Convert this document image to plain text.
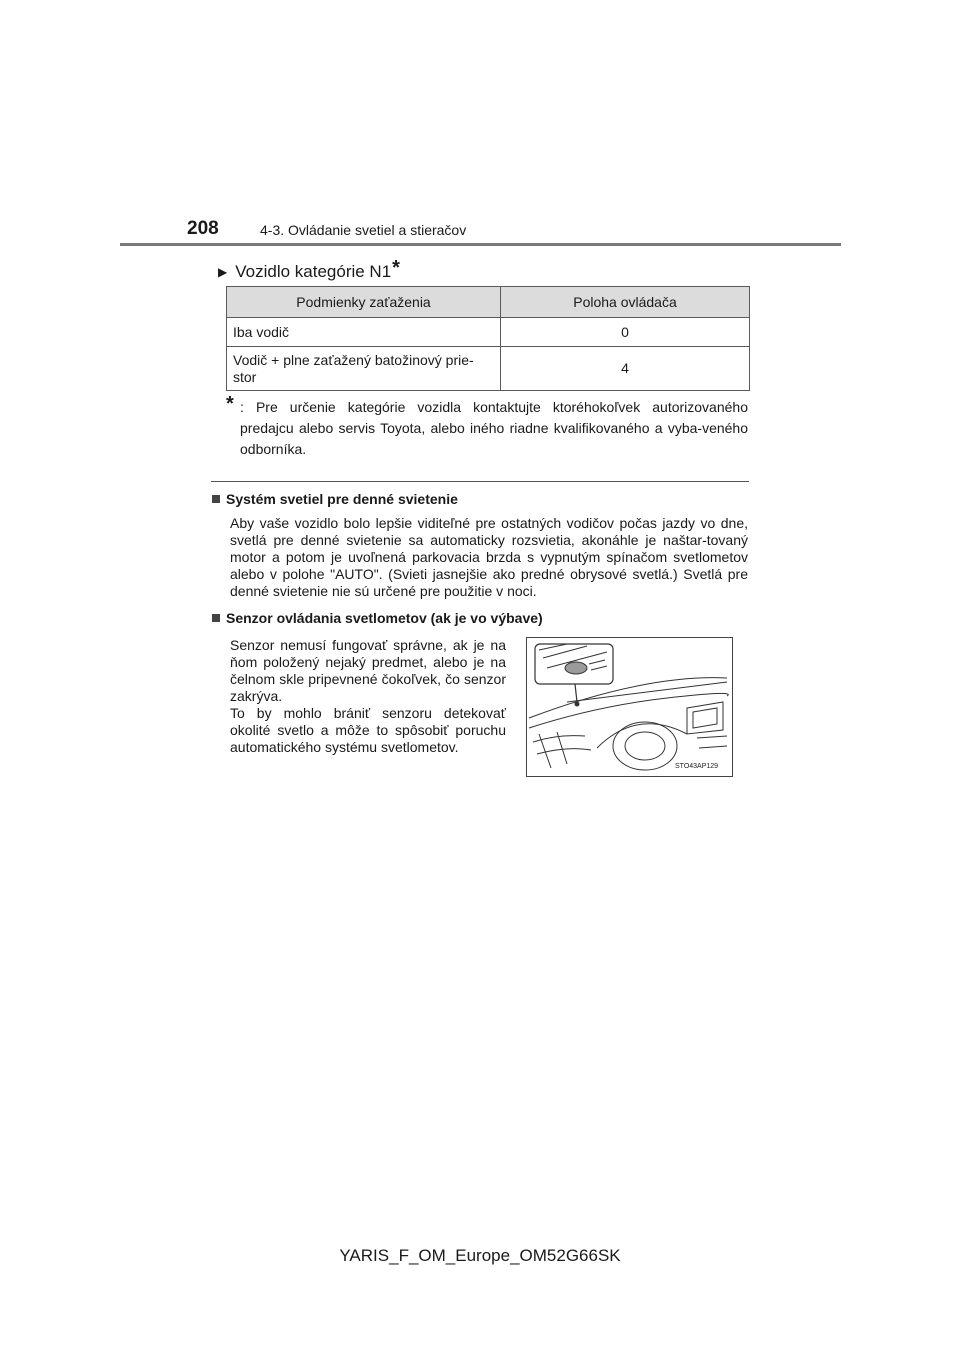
208	4-3. Ovládanie svetiel a stieračov
▶ Vozidlo kategórie N1 *
Podmienky zaťaženia	Poloha ovládača
Iba vodič	0
Vodič + plne zaťažený batožinový prie-stor	4
* : Pre určenie kategórie vozidla kontaktujte ktoréhokoľvek autorizovaného predajcu alebo servis Toyota, alebo iného riadne kvalifikovaného a vyba-veného odborníka.
Systém svetiel pre denné svietenie
Aby vaše vozidlo bolo lepšie viditeľné pre ostatných vodičov počas jazdy vo dne, svetlá pre denné svietenie sa automaticky rozsvietia, akonáhle je naštar-tovaný motor a potom je uvoľnená parkovacia brzda s vypnutým spínačom svetlometov alebo v polohe "AUTO". (Svieti jasnejšie ako predné obrysové svetlá.) Svetlá pre denné svietenie nie sú určené pre použitie v noci.
Senzor ovládania svetlometov (ak je vo výbave)
Senzor nemusí fungovať správne, ak je na ňom položený nejaký predmet, alebo je na čelnom skle pripevnené čokoľvek, čo senzor zakrýva.
To by mohlo brániť senzoru detekovať okolité svetlo a môže to spôsobiť poruchu automatického systému svetlometov.
STO43AP129
YARIS_F_OM_Europe_OM52G66SK
